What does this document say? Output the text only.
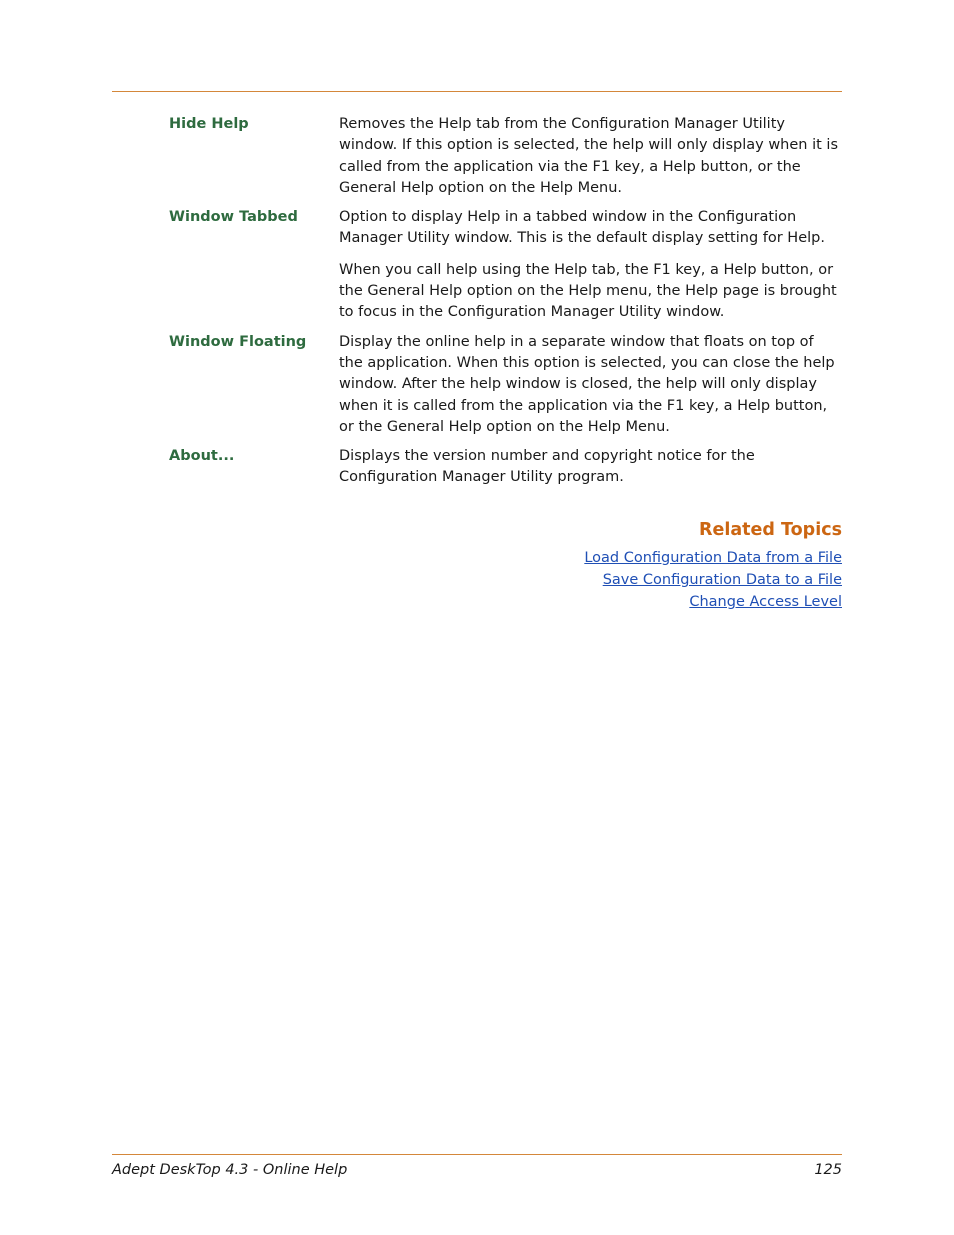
Hide Help	Removes the Help tab from the Configuration Manager Utility window. If this option is selected, the help will only display when it is called from the application via the F1 key, a Help button, or the General Help option on the Help Menu.

Window Tabbed	Option to display Help in a tabbed window in the Configuration Manager Utility window. This is the default display setting for Help.

When you call help using the Help tab, the F1 key, a Help button, or the General Help option on the Help menu, the Help page is brought to focus in the Configuration Manager Utility window.

Window Floating	Display the online help in a separate window that floats on top of the application. When this option is selected, you can close the help window. After the help window is closed, the help will only display when it is called from the application via the F1 key, a Help button, or the General Help option on the Help Menu.

About...	Displays the version number and copyright notice for the Configuration Manager Utility program.

Related Topics
Load Configuration Data from a File
Save Configuration Data to a File
Change Access Level
Adept DeskTop 4.3 - Online Help	125
